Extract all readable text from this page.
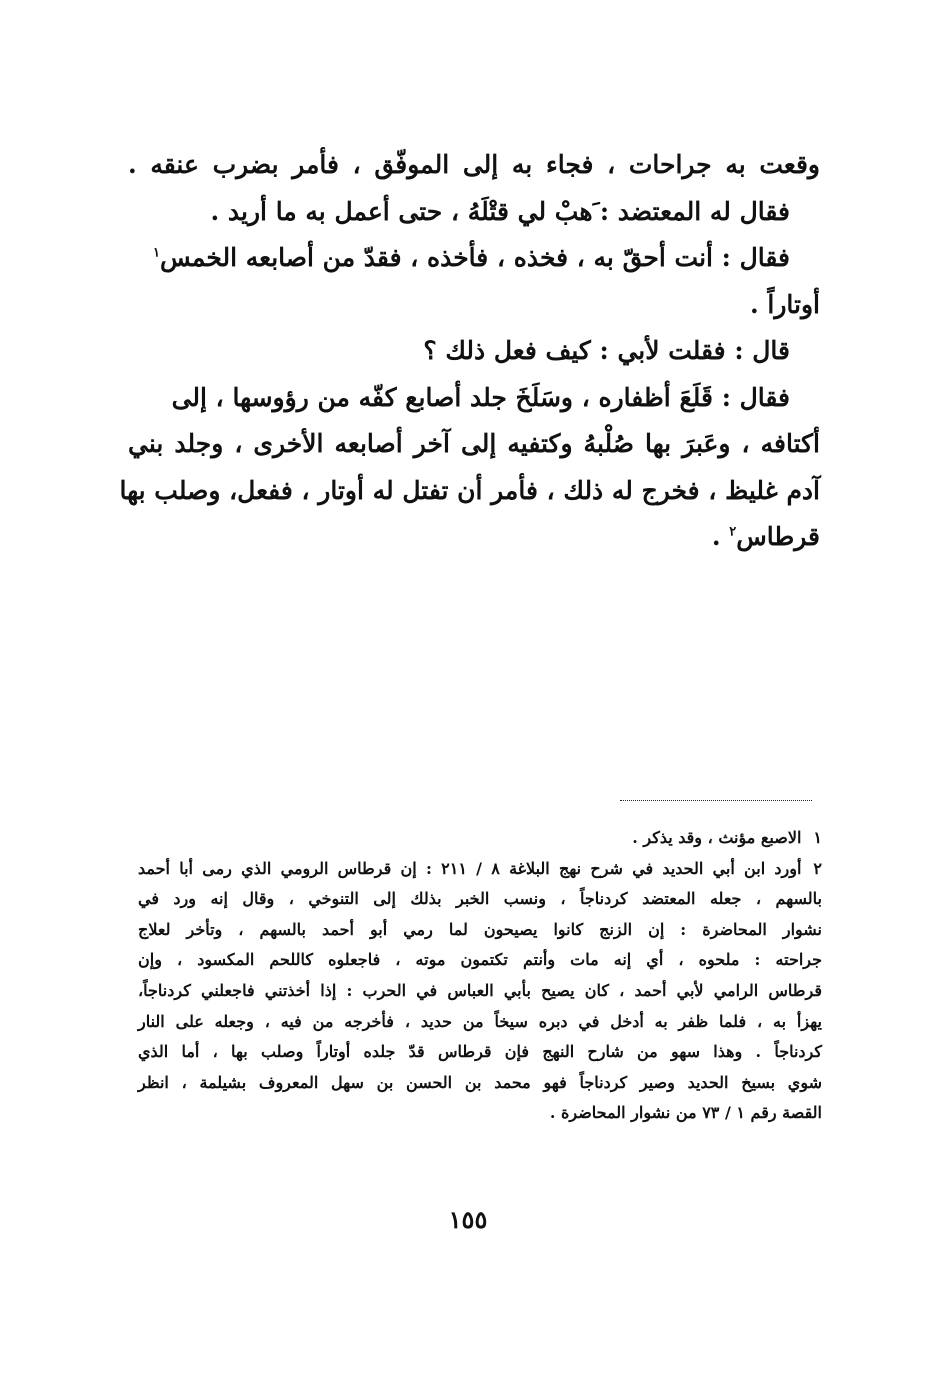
وقعت به جراحات ، فجاء به إلى الموفّق ، فأمر بضرب عنقه .
فقال له المعتضد : َهبْ لي قتْلَهُ ، حتى أعمل به ما أريد .
فقال : أنت أحقّ به ، فخذه ، فأخذه ، فقدّ من أصابعه الخمس$^١$
أوتاراً .
قال : فقلت لأبي : كيف فعل ذلك ؟
فقال : قَلَعَ أظفاره ، وسَلَخَ جلد أصابع كفّه من رؤوسها ، إلى
أكتافه ، وعَبرَ بها صُلْبهُ وكتفيه إلى آخر أصابعه الأخرى ، وجلد بني
آدم غليظ ، فخرج له ذلك ، فأمر أن تفتل له أوتار ، ففعل، وصلب بها
قرطاس$^٢$ .
١الاصبع مؤنث ، وقد يذكر .
٢أورد ابن أبي الحديد في شرح نهج البلاغة ٨ / ٢١١ : إن قرطاس الرومي الذي رمى أبا أحمد
بالسهم ، جعله المعتضد كردناجاً ، ونسب الخبر بذلك إلى التنوخي ، وقال إنه ورد في
نشوار المحاضرة : إن الزنج كانوا يصيحون لما رمي أبو أحمد بالسهم ، وتأخر لعلاج
جراحته : ملحوه ، أي إنه مات وأنتم تكتمون موته ، فاجعلوه كاللحم المكسود ، وإن
قرطاس الرامي لأبي أحمد ، كان يصيح بأبي العباس في الحرب : إذا أخذتني فاجعلني كردناجاً،
يهزأ به ، فلما ظفر به أدخل في دبره سيخاً من حديد ، فأخرجه من فيه ، وجعله على النار
كردناجاً . وهذا سهو من شارح النهج فإن قرطاس قدّ جلده أوتاراً وصلب بها ، أما الذي
شوي بسيخ الحديد وصير كردناجاً فهو محمد بن الحسن بن سهل المعروف بشيلمة ، انظر
القصة رقم ١ / ٧٣ من نشوار المحاضرة .
١٥٥
